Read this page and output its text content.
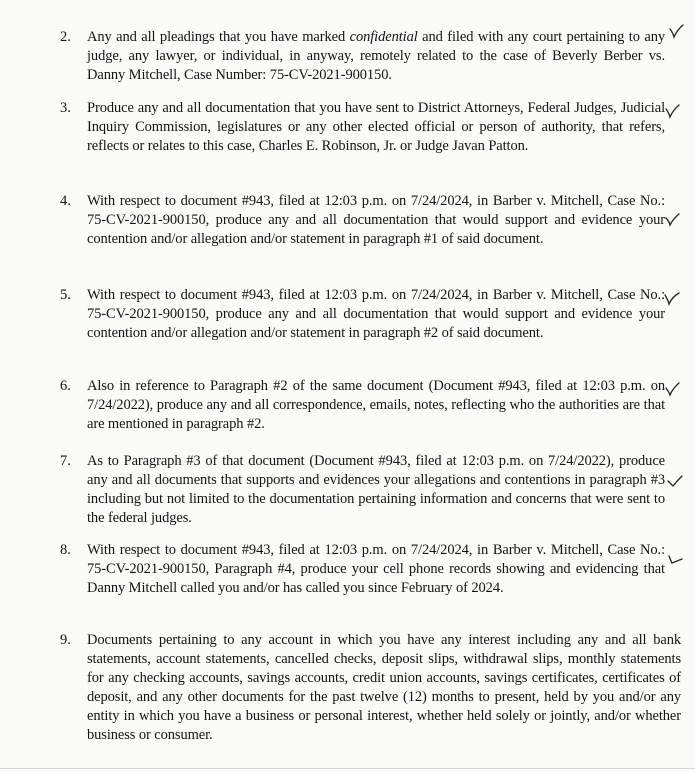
2.	Any and all pleadings that you have marked confidential and filed with any court pertaining to any judge, any lawyer, or individual, in anyway, remotely related to the case of Beverly Berber vs. Danny Mitchell, Case Number: 75-CV-2021-900150.
3.	Produce any and all documentation that you have sent to District Attorneys, Federal Judges, Judicial Inquiry Commission, legislatures or any other elected official or person of authority, that refers, reflects or relates to this case, Charles E. Robinson, Jr. or Judge Javan Patton.
4.	With respect to document #943, filed at 12:03 p.m. on 7/24/2024, in Barber v. Mitchell, Case No.: 75-CV-2021-900150, produce any and all documentation that would support and evidence your contention and/or allegation and/or statement in paragraph #1 of said document.
5.	With respect to document #943, filed at 12:03 p.m. on 7/24/2024, in Barber v. Mitchell, Case No.: 75-CV-2021-900150, produce any and all documentation that would support and evidence your contention and/or allegation and/or statement in paragraph #2 of said document.
6.	Also in reference to Paragraph #2 of the same document (Document #943, filed at 12:03 p.m. on 7/24/2022), produce any and all correspondence, emails, notes, reflecting who the authorities are that are mentioned in paragraph #2.
7.	As to Paragraph #3 of that document (Document #943, filed at 12:03 p.m. on 7/24/2022), produce any and all documents that supports and evidences your allegations and contentions in paragraph #3 including but not limited to the documentation pertaining information and concerns that were sent to the federal judges.
8.	With respect to document #943, filed at 12:03 p.m. on 7/24/2024, in Barber v. Mitchell, Case No.: 75-CV-2021-900150, Paragraph #4, produce your cell phone records showing and evidencing that Danny Mitchell called you and/or has called you since February of 2024.
9.	Documents pertaining to any account in which you have any interest including any and all bank statements, account statements, cancelled checks, deposit slips, withdrawal slips, monthly statements for any checking accounts, savings accounts, credit union accounts, savings certificates, certificates of deposit, and any other documents for the past twelve (12) months to present, held by you and/or any entity in which you have a business or personal interest, whether held solely or jointly, and/or whether business or consumer.
